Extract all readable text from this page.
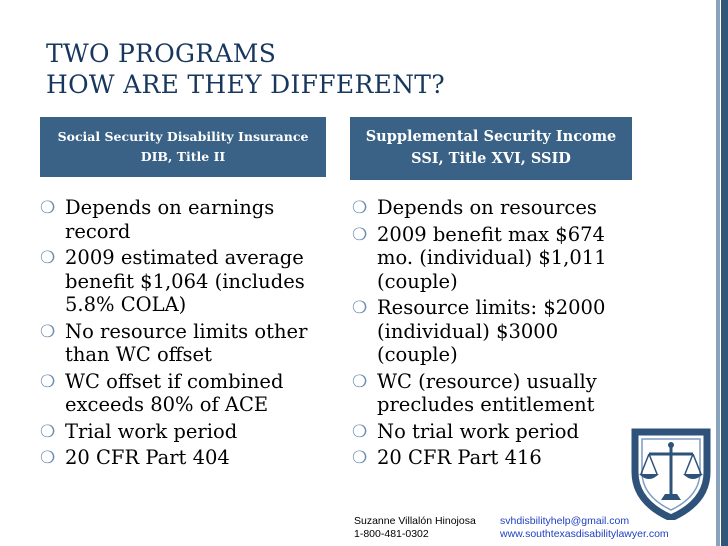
TWO PROGRAMS
HOW ARE THEY DIFFERENT?
Social Security Disability Insurance
DIB, Title II
Supplemental Security Income
SSI, Title XVI, SSID
❍ Depends on earnings record
❍ 2009 estimated average benefit $1,064 (includes 5.8% COLA)
❍ No resource limits other than WC offset
❍ WC offset if combined exceeds 80% of ACE
❍ Trial work period
❍ 20 CFR Part 404
❍ Depends on resources
❍ 2009 benefit max $674 mo. (individual) $1,011 (couple)
❍ Resource limits: $2000 (individual) $3000 (couple)
❍ WC (resource) usually precludes entitlement
❍ No trial work period
❍ 20 CFR Part 416
Suzanne Villalón Hinojosa
1-800-481-0302
svhdisbilityhelp@gmail.com
www.southtexasdisabilitylawyer.com
